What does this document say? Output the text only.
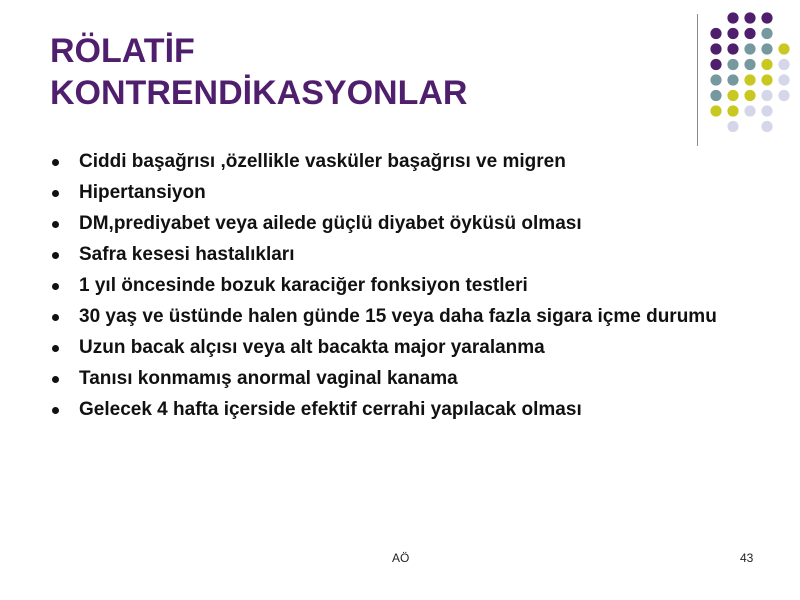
RÖLATİF
KONTRENDİKASYONLAR
Ciddi başağrısı ,özellikle vasküler başağrısı ve migren
Hipertansiyon
DM,prediyabet veya ailede güçlü diyabet öyküsü olması
Safra kesesi hastalıkları
1 yıl öncesinde bozuk karaciğer fonksiyon testleri
30 yaş ve üstünde halen günde 15 veya daha fazla sigara içme durumu
Uzun bacak alçısı veya alt bacakta major yaralanma
Tanısı konmamış anormal vaginal kanama
Gelecek 4 hafta içerside efektif cerrahi yapılacak olması
AÖ	43
